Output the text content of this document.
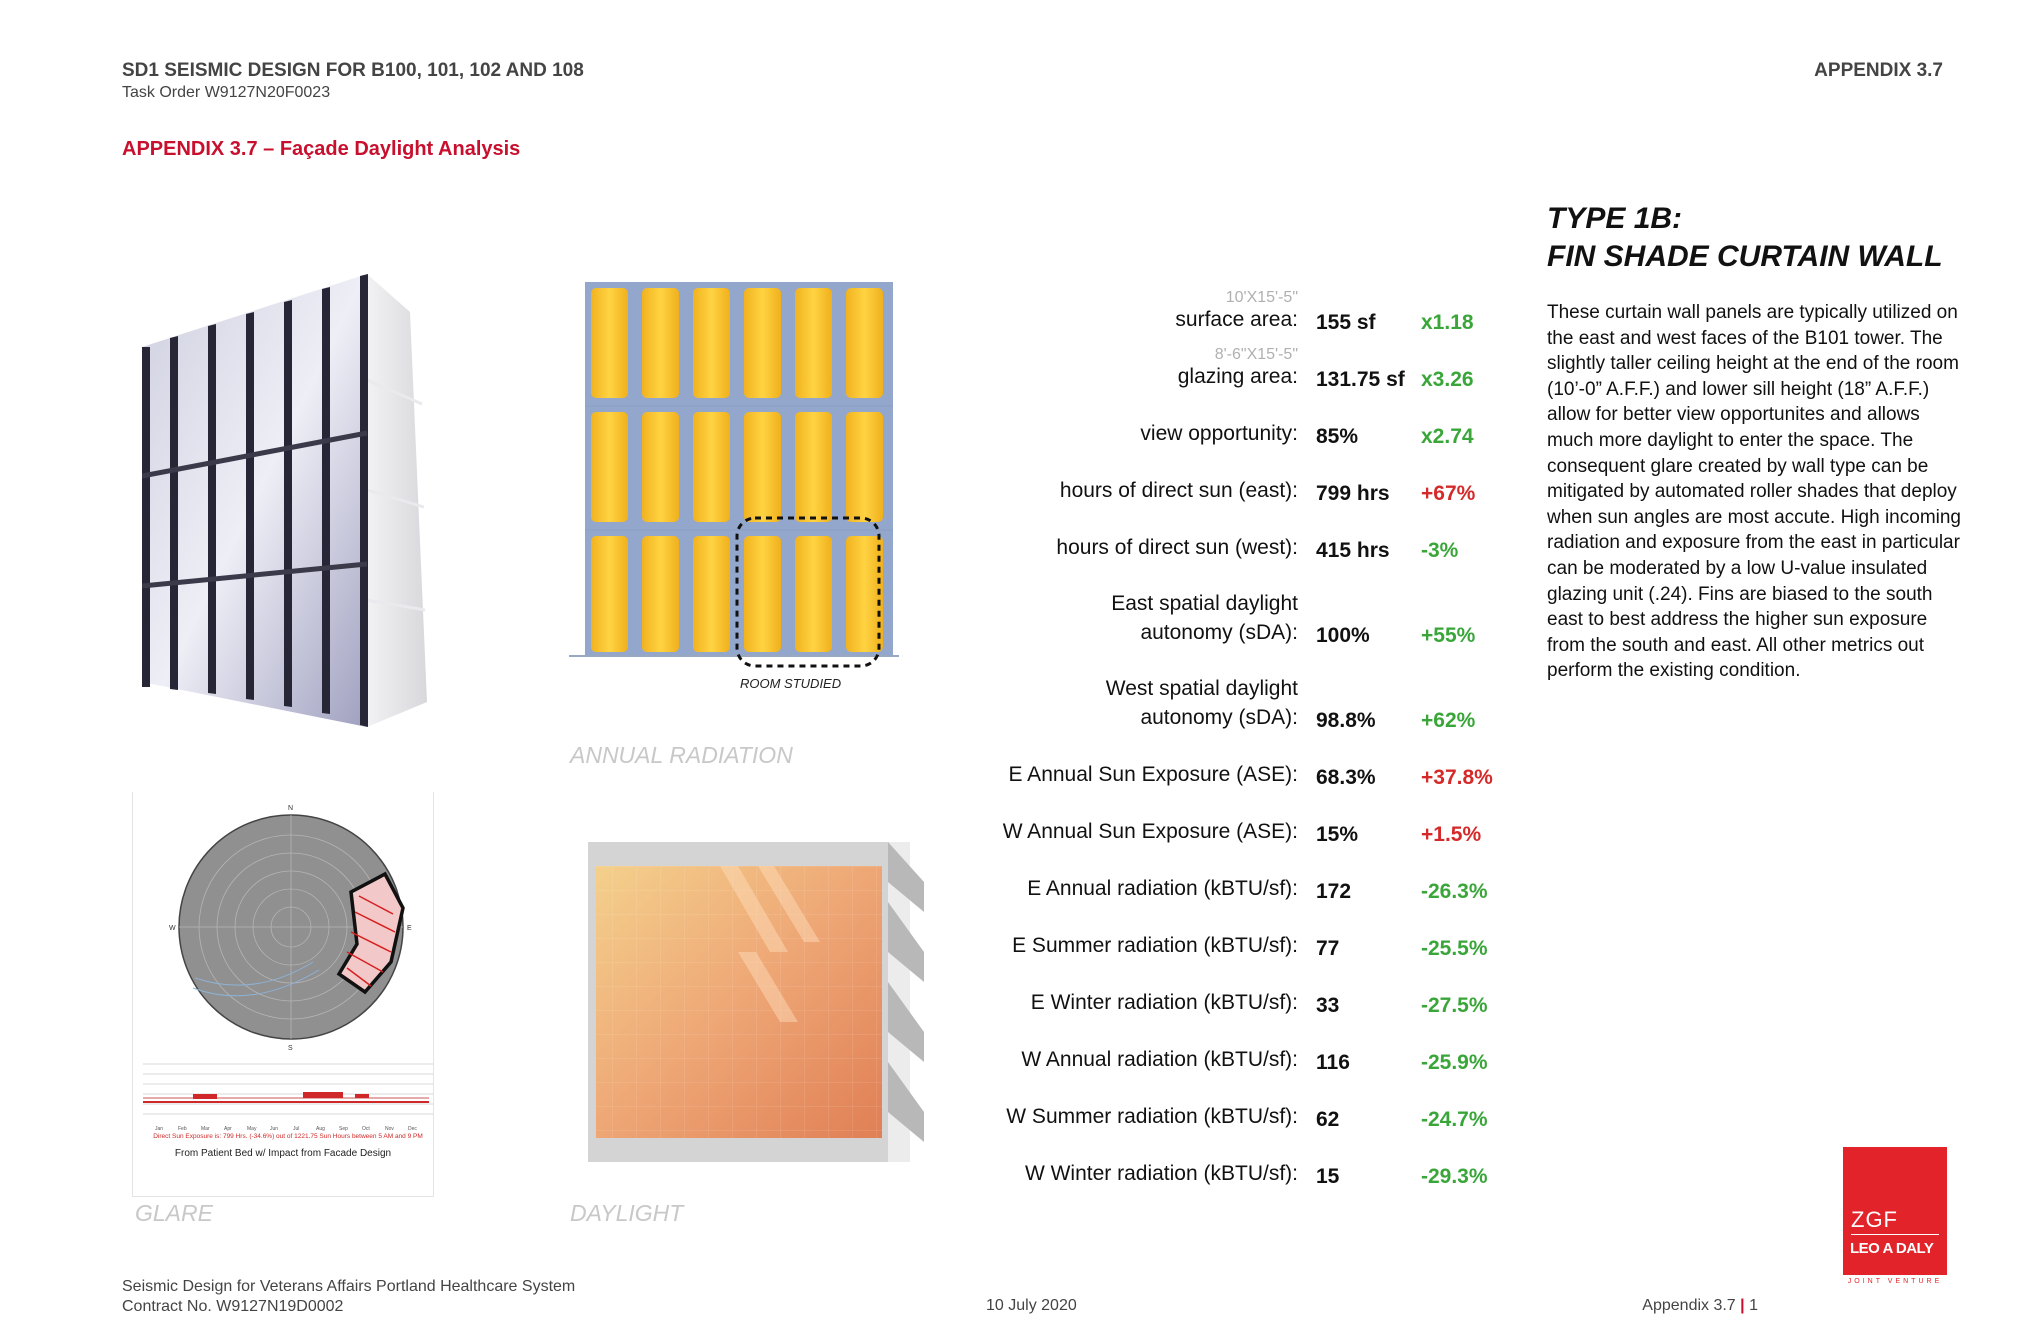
SD1 SEISMIC DESIGN FOR B100, 101, 102 AND 108
Task Order W9127N20F0023
APPENDIX 3.7
APPENDIX 3.7 – Façade Daylight Analysis
ROOM STUDIED
ANNUAL RADIATION
N
E
S
W
Jan	Feb	Mar	Apr	May	Jun	Jul	Aug	Sep	Oct	Nov	Dec
Direct Sun Exposure is: 799 Hrs. (-34.6%) out of 1221.75 Sun Hours between 5 AM and 9 PM
From Patient Bed w/ Impact from Facade Design
GLARE	DAYLIGHT
10'X15'-5"
8'-6"X15'-5"
surface area: 155 sf x1.18
glazing area: 131.75 sf x3.26
view opportunity: 85%	x2.74
hours of direct sun (east): 799 hrs +67%
hours of direct sun (west): 415 hrs -3%
East spatial daylight
autonomy (sDA): 100% +55%
West spatial daylight
autonomy (sDA): 98.8% +62%
E Annual Sun Exposure (ASE): 68.3% +37.8%
W Annual Sun Exposure (ASE): 15%	+1.5%
E Annual radiation (kBTU/sf): 172	-26.3%
E Summer radiation (kBTU/sf): 77	-25.5%
E Winter radiation (kBTU/sf): 33	-27.5%
W Annual radiation (kBTU/sf): 116	-25.9%
W Summer radiation (kBTU/sf): 62	-24.7%
W Winter radiation (kBTU/sf): 15	-29.3%
TYPE 1B:
FIN SHADE CURTAIN WALL
These curtain wall panels are typically utilized on the east and west faces of the B101 tower. The slightly taller ceiling height at the end of the room (10’-0” A.F.F.) and lower sill height (18” A.F.F.) allow for better view opportunites and allows much more daylight to enter the space. The consequent glare created by wall type can be mitigated by automated roller shades that deploy when sun angles are most accute. High incoming radiation and exposure from the east in particular can be moderated by a low U-value insulated glazing unit (.24). Fins are biased to the south east to best address the higher sun exposure from the south and east. All other metrics out perform the existing condition.
Seismic Design for Veterans Affairs Portland Healthcare System
Contract No. W9127N19D0002	10 July 2020	Appendix 3.7 | 1
ZGF
LEO A DALY
JOINT VENTURE
